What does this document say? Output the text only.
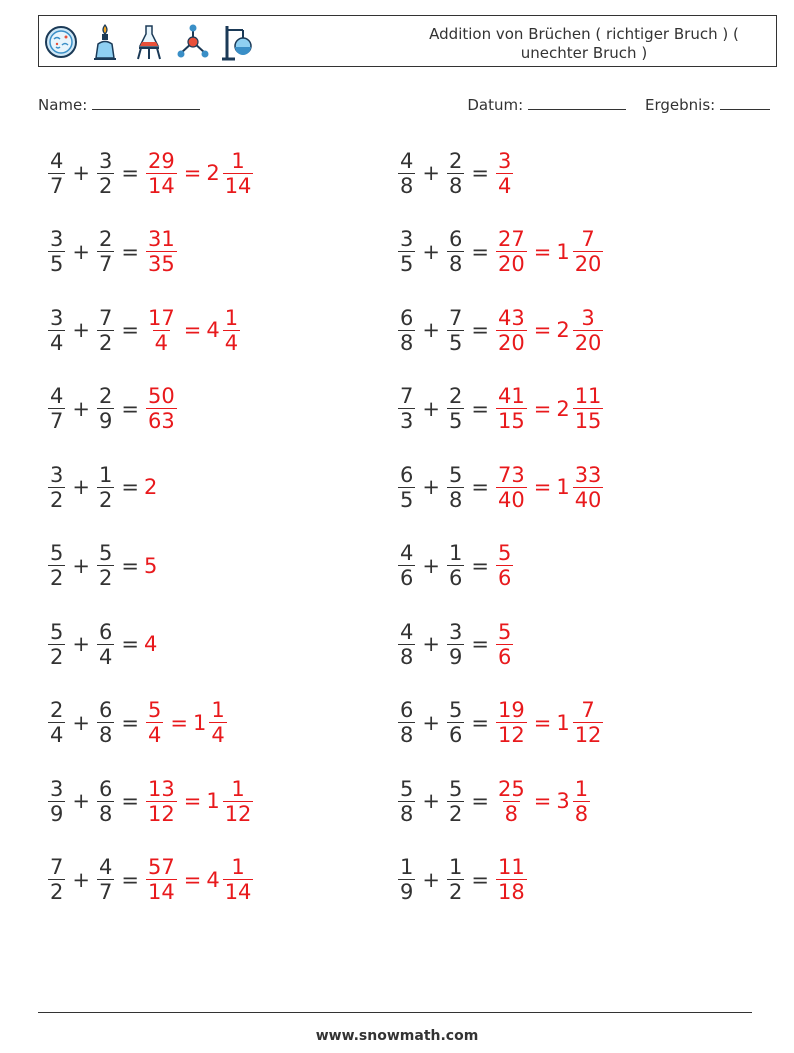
Addition von Brüchen ( richtiger Bruch ) ( unechter Bruch )
Name:	Datum:	Ergebnis:
$\frac{4}{7} + \frac{3}{2} = \frac{29}{14} = 2 \frac{1}{14}$	$\frac{4}{8} + \frac{2}{8} = \frac{3}{4}$
$\frac{3}{5} + \frac{2}{7} = \frac{31}{35}$	$\frac{3}{5} + \frac{6}{8} = \frac{27}{20} = 1 \frac{7}{20}$
$\frac{3}{4} + \frac{7}{2} = \frac{17}{4} = 4 \frac{1}{4}$	$\frac{6}{8} + \frac{7}{5} = \frac{43}{20} = 2 \frac{3}{20}$
$\frac{4}{7} + \frac{2}{9} = \frac{50}{63}$	$\frac{7}{3} + \frac{2}{5} = \frac{41}{15} = 2 \frac{11}{15}$
$\frac{3}{2} + \frac{1}{2} = 2$	$\frac{6}{5} + \frac{5}{8} = \frac{73}{40} = 1 \frac{33}{40}$
$\frac{5}{2} + \frac{5}{2} = 5$	$\frac{4}{6} + \frac{1}{6} = \frac{5}{6}$
$\frac{5}{2} + \frac{6}{4} = 4$	$\frac{4}{8} + \frac{3}{9} = \frac{5}{6}$
$\frac{2}{4} + \frac{6}{8} = \frac{5}{4} = 1 \frac{1}{4}$	$\frac{6}{8} + \frac{5}{6} = \frac{19}{12} = 1 \frac{7}{12}$
$\frac{3}{9} + \frac{6}{8} = \frac{13}{12} = 1 \frac{1}{12}$	$\frac{5}{8} + \frac{5}{2} = \frac{25}{8} = 3 \frac{1}{8}$
$\frac{7}{2} + \frac{4}{7} = \frac{57}{14} = 4 \frac{1}{14}$	$\frac{1}{9} + \frac{1}{2} = \frac{11}{18}$
www.snowmath.com
